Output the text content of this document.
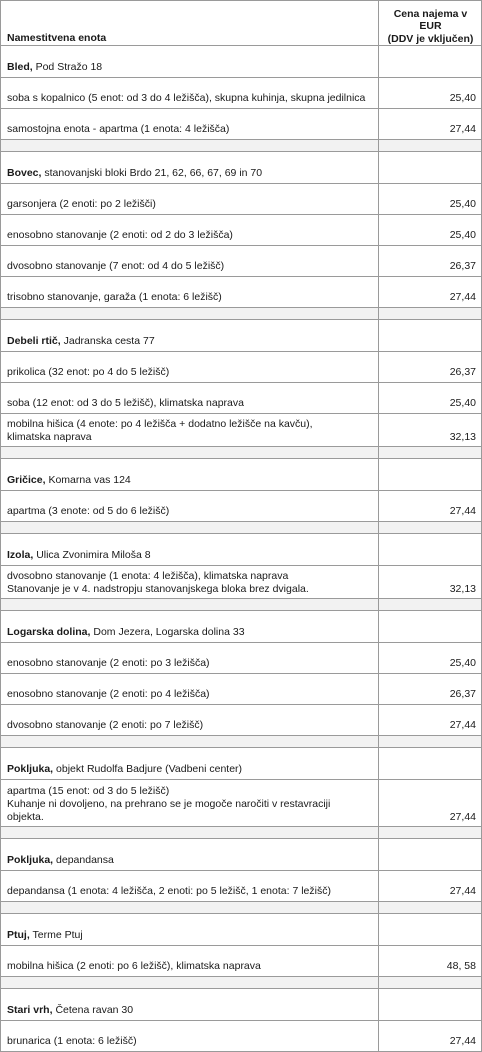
Namestitvena enota	Cena najema v
EUR
(DDV je vključen)

Bled, Pod Stražo 18	

soba s kopalnico (5 enot: od 3 do 4 ležišča), skupna kuhinja, skupna jedilnica	25,40

samostojna enota - apartma (1 enota: 4 ležišča)	27,44

Bovec, stanovanjski bloki Brdo 21, 62, 66, 67, 69 in 70	

garsonjera (2 enoti: po 2 ležišči)	25,40

enosobno stanovanje (2 enoti: od 2 do 3 ležišča)	25,40

dvosobno stanovanje (7 enot: od 4 do 5 ležišč)	26,37

trisobno stanovanje, garaža (1 enota: 6 ležišč)	27,44

Debeli rtič, Jadranska cesta 77	

prikolica (32 enot: po 4 do 5 ležišč)	26,37

soba (12 enot: od 3 do 5 ležišč), klimatska naprava	25,40

mobilna hišica (4 enote: po 4 ležišča + dodatno ležišče na kavču),
klimatska naprava	32,13

Gričice, Komarna vas 124	

apartma (3 enote: od 5 do 6 ležišč)	27,44

Izola, Ulica Zvonimira Miloša 8	

dvosobno stanovanje (1 enota: 4 ležišča), klimatska naprava
Stanovanje je v 4. nadstropju stanovanjskega bloka brez dvigala.	32,13

Logarska dolina, Dom Jezera, Logarska dolina 33	

enosobno stanovanje (2 enoti: po 3 ležišča)	25,40

enosobno stanovanje (2 enoti: po 4 ležišča)	26,37

dvosobno stanovanje (2 enoti: po 7 ležišč)	27,44

Pokljuka, objekt Rudolfa Badjure (Vadbeni center)	

apartma (15 enot: od 3 do 5 ležišč)
Kuhanje ni dovoljeno, na prehrano se je mogoče naročiti v restavraciji
objekta.	27,44

Pokljuka, depandansa	

depandansa (1 enota: 4 ležišča, 2 enoti: po 5 ležišč, 1 enota: 7 ležišč)	27,44

Ptuj, Terme Ptuj	

mobilna hišica (2 enoti: po 6 ležišč), klimatska naprava	48, 58

Stari vrh, Četena ravan 30	

brunarica (1 enota: 6 ležišč)	27,44
